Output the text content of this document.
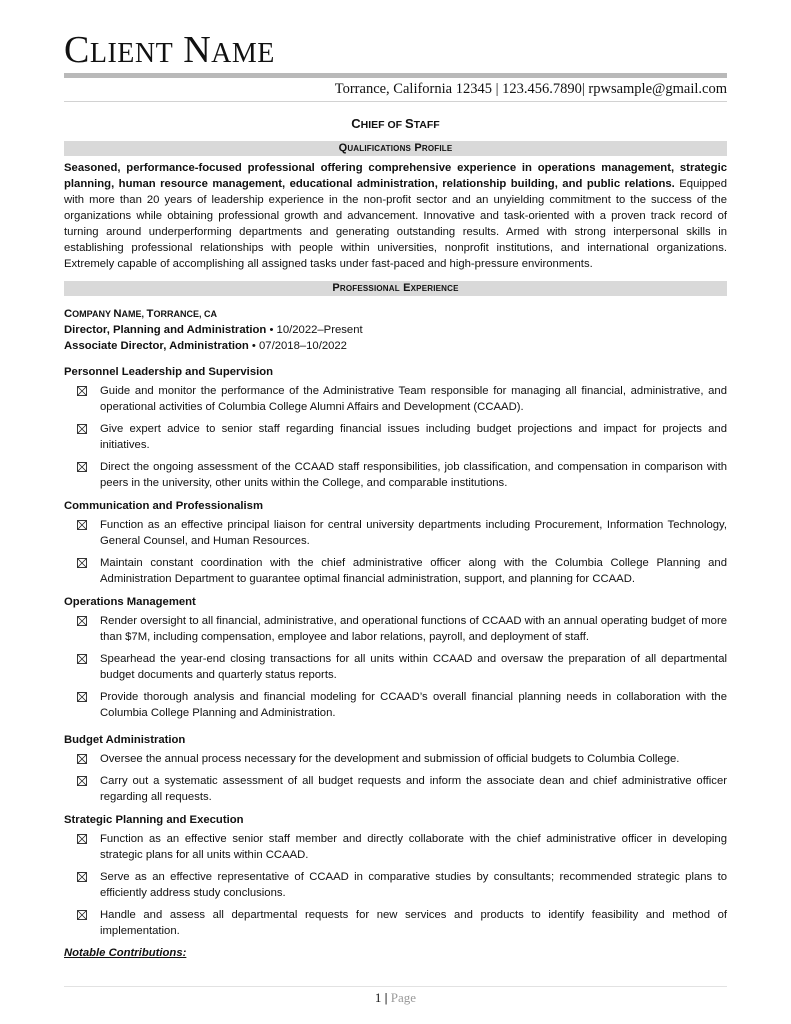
CLIENT NAME
Torrance, California 12345 | 123.456.7890| rpwsample@gmail.com
CHIEF OF STAFF
Qualifications Profile
Seasoned, performance-focused professional offering comprehensive experience in operations management, strategic planning, human resource management, educational administration, relationship building, and public relations. Equipped with more than 20 years of leadership experience in the non-profit sector and an unyielding commitment to the success of the organizations while obtaining professional growth and advancement. Innovative and task-oriented with a proven track record of turning around underperforming departments and generating outstanding results. Armed with strong interpersonal skills in establishing professional relationships with people within universities, nonprofit institutions, and international organizations. Extremely capable of accomplishing all assigned tasks under fast-paced and high-pressure environments.
Professional Experience
COMPANY NAME, TORRANCE, CA
Director, Planning and Administration • 10/2022–Present
Associate Director, Administration • 07/2018–10/2022
Personnel Leadership and Supervision
Guide and monitor the performance of the Administrative Team responsible for managing all financial, administrative, and operational activities of Columbia College Alumni Affairs and Development (CCAAD).
Give expert advice to senior staff regarding financial issues including budget projections and impact for projects and initiatives.
Direct the ongoing assessment of the CCAAD staff responsibilities, job classification, and compensation in comparison with peers in the university, other units within the College, and comparable institutions.
Communication and Professionalism
Function as an effective principal liaison for central university departments including Procurement, Information Technology, General Counsel, and Human Resources.
Maintain constant coordination with the chief administrative officer along with the Columbia College Planning and Administration Department to guarantee optimal financial administration, support, and planning for CCAAD.
Operations Management
Render oversight to all financial, administrative, and operational functions of CCAAD with an annual operating budget of more than $7M, including compensation, employee and labor relations, payroll, and deployment of staff.
Spearhead the year-end closing transactions for all units within CCAAD and oversaw the preparation of all departmental budget documents and quarterly status reports.
Provide thorough analysis and financial modeling for CCAAD’s overall financial planning needs in collaboration with the Columbia College Planning and Administration.
Budget Administration
Oversee the annual process necessary for the development and submission of official budgets to Columbia College.
Carry out a systematic assessment of all budget requests and inform the associate dean and chief administrative officer regarding all requests.
Strategic Planning and Execution
Function as an effective senior staff member and directly collaborate with the chief administrative officer in developing strategic plans for all units within CCAAD.
Serve as an effective representative of CCAAD in comparative studies by consultants; recommended strategic plans to efficiently address study conclusions.
Handle and assess all departmental requests for new services and products to identify feasibility and method of implementation.
Notable Contributions:
1 | Page
